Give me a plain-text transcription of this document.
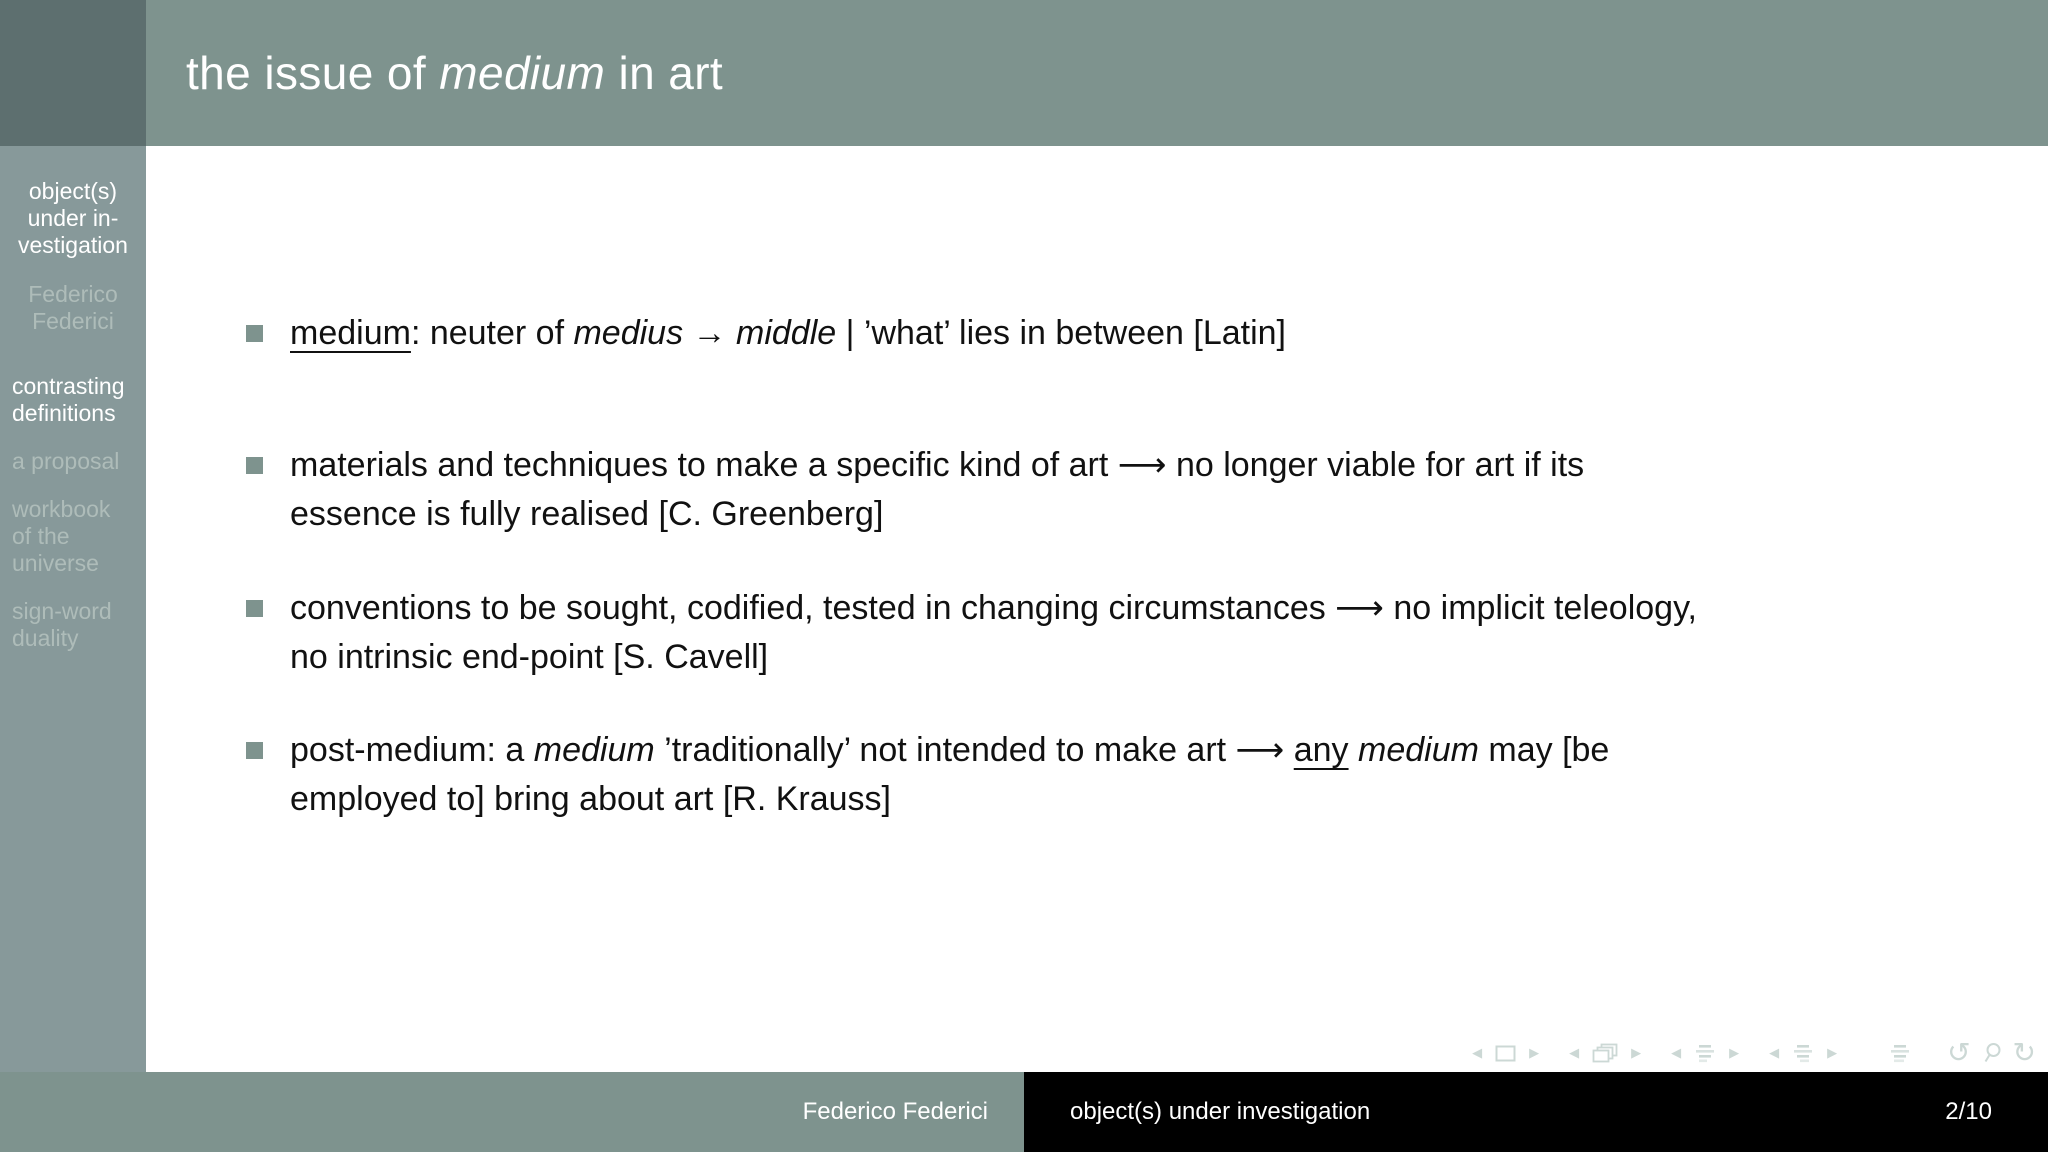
the issue of medium in art
object(s)
under in-
vestigation
Federico
Federici
contrasting
definitions
a proposal
workbook
of the
universe
sign-word
duality
medium: neuter of medius → middle | ’what’ lies in between [Latin]
materials and techniques to make a specific kind of art ⟶ no longer viable for art if its
essence is fully realised [C. Greenberg]
conventions to be sought, codified, tested in changing circumstances ⟶ no implicit teleology,
no intrinsic end-point [S. Cavell]
post-medium: a medium ’traditionally’ not intended to make art ⟶ any medium may [be
employed to] bring about art [R. Krauss]
◀	▶ ◀	▶ ◀	▶ ◀	▶	↺ ↻
Federico Federici	object(s) under investigation	2/10
